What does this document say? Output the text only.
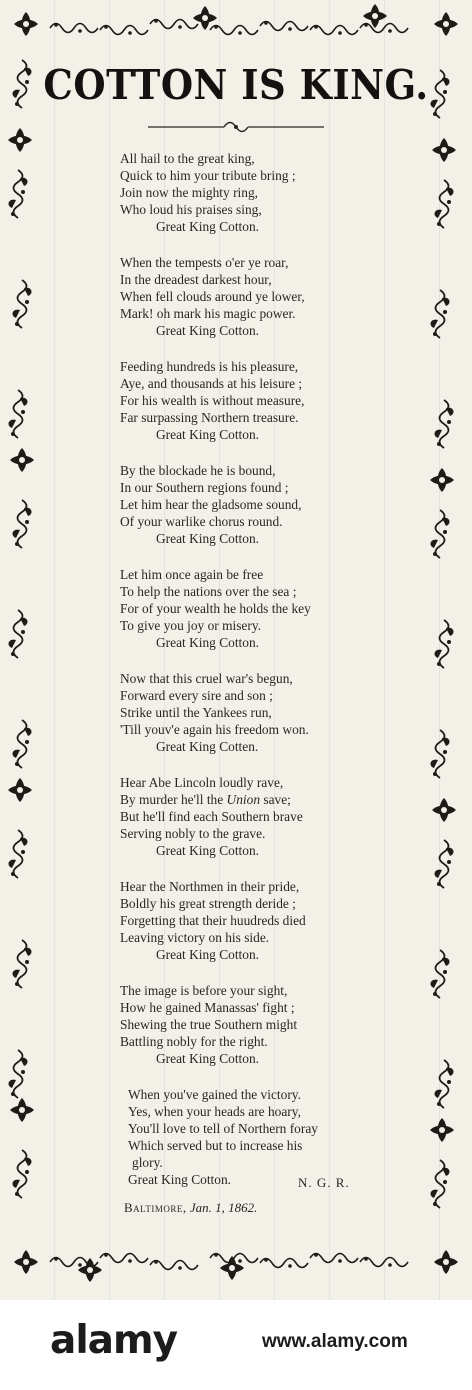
COTTON IS KING.
All hail to the great king,
Quick to him your tribute bring ;
Join now the mighty ring,
Who loud his praises sing,
Great King Cotton.
When the tempests o'er ye roar,
In the dreadest darkest hour,
When fell clouds around ye lower,
Mark! oh mark his magic power.
Great King Cotton.
Feeding hundreds is his pleasure,
Aye, and thousands at his leisure ;
For his wealth is without measure,
Far surpassing Northern treasure.
Great King Cotton.
By the blockade he is bound,
In our Southern regions found ;
Let him hear the gladsome sound,
Of your warlike chorus round.
Great King Cotton.
Let him once again be free
To help the nations over the sea ;
For of your wealth he holds the key
To give you joy or misery.
Great King Cotton.
Now that this cruel war's begun,
Forward every sire and son ;
Strike until the Yankees run,
'Till youv'e again his freedom won.
Great King Cotten.
Hear Abe Lincoln loudly rave,
By murder he'll the Union save;
But he'll find each Southern brave
Serving nobly to the grave.
Great King Cotton.
Hear the Northmen in their pride,
Boldly his great strength deride ;
Forgetting that their huudreds died
Leaving victory on his side.
Great King Cotton.
The image is before your sight,
How he gained Manassas' fight ;
Shewing the true Southern might
Battling nobly for the right.
Great King Cotton.
When you've gained the victory.
Yes, when your heads are hoary,
You'll love to tell of Northern foray
Which served but to increase his
glory.
Great King Cotton.	N. G. R.
Baltimore, Jan. 1, 1862.
alamy	www.alamy.com
